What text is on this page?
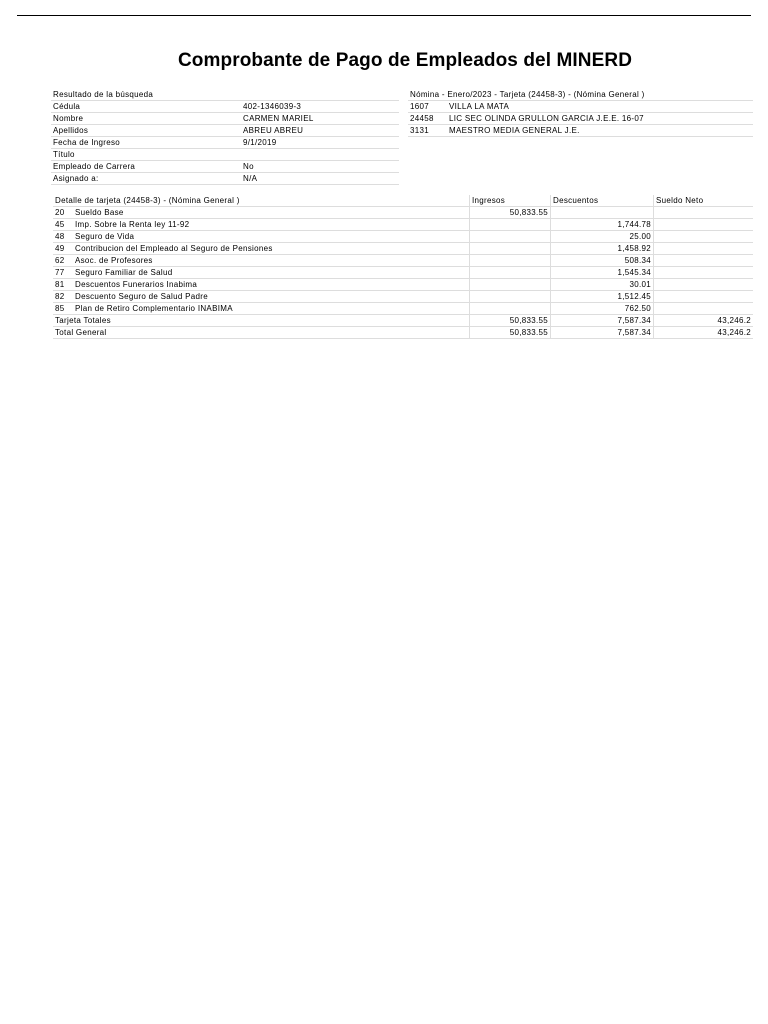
Comprobante de Pago de Empleados del MINERD
Resultado de la búsqueda	
Cédula	402-1346039-3
Nombre	CARMEN MARIEL
Apellidos	ABREU ABREU
Fecha de Ingreso	9/1/2019
Título	
Empleado de Carrera	No
Asignado a:	N/A
Nómina - Enero/2023 - Tarjeta (24458-3) - (Nómina General )	
1607	VILLA LA MATA
24458	LIC SEC OLINDA GRULLON GARCIA J.E.E. 16-07
3131	MAESTRO MEDIA GENERAL J.E.
Detalle de tarjeta (24458-3) - (Nómina General )		Ingresos	Descuentos	Sueldo Neto
20	Sueldo Base	50,833.55		
45	Imp. Sobre la Renta ley 11-92		1,744.78	
48	Seguro de Vida		25.00	
49	Contribucion del Empleado al Seguro de Pensiones		1,458.92	
62	Asoc. de Profesores		508.34	
77	Seguro Familiar de Salud		1,545.34	
81	Descuentos Funerarios Inabima		30.01	
82	Descuento Seguro de Salud Padre		1,512.45	
85	Plan de Retiro Complementario INABIMA		762.50	
Tarjeta Totales		50,833.55	7,587.34	43,246.2
Total General		50,833.55	7,587.34	43,246.2
